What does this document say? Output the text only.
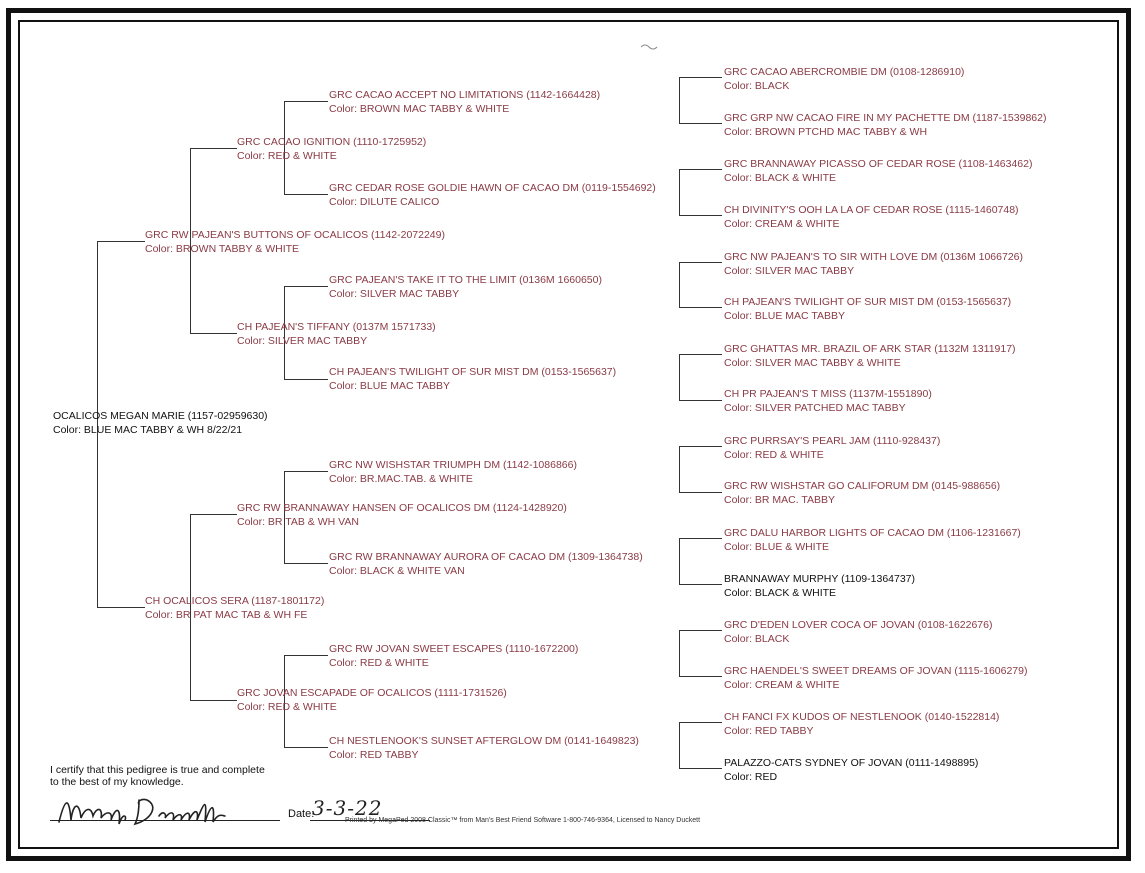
OCALICOS MEGAN MARIE (1157-02959630)
Color: BLUE MAC TABBY & WH 8/22/21
GRC RW PAJEAN'S BUTTONS OF OCALICOS (1142-2072249)
Color: BROWN TABBY & WHITE
CH OCALICOS SERA (1187-1801172)
Color: BR PAT MAC TAB & WH FE
GRC CACAO IGNITION (1110-1725952)
Color: RED & WHITE
CH PAJEAN'S TIFFANY (0137M 1571733)
Color: SILVER MAC TABBY
GRC RW BRANNAWAY HANSEN OF OCALICOS DM (1124-1428920)
Color: BR TAB & WH VAN
GRC JOVAN ESCAPADE OF OCALICOS (1111-1731526)
Color: RED & WHITE
GRC CACAO ACCEPT NO LIMITATIONS (1142-1664428)
Color: BROWN MAC TABBY & WHITE
GRC CEDAR ROSE GOLDIE HAWN OF CACAO DM (0119-1554692)
Color: DILUTE CALICO
GRC PAJEAN'S TAKE IT TO THE LIMIT (0136M 1660650)
Color: SILVER MAC TABBY
CH PAJEAN'S TWILIGHT OF SUR MIST DM (0153-1565637)
Color: BLUE MAC TABBY
GRC NW WISHSTAR TRIUMPH DM (1142-1086866)
Color: BR.MAC.TAB. & WHITE
GRC RW BRANNAWAY AURORA OF CACAO DM (1309-1364738)
Color: BLACK & WHITE VAN
GRC RW JOVAN SWEET ESCAPES (1110-1672200)
Color: RED & WHITE
CH NESTLENOOK'S SUNSET AFTERGLOW DM (0141-1649823)
Color: RED TABBY
GRC CACAO ABERCROMBIE DM (0108-1286910)
Color: BLACK
GRC GRP NW CACAO FIRE IN MY PACHETTE DM (1187-1539862)
Color: BROWN PTCHD MAC TABBY & WH
GRC BRANNAWAY PICASSO OF CEDAR ROSE (1108-1463462)
Color: BLACK & WHITE
CH DIVINITY'S OOH LA LA OF CEDAR ROSE (1115-1460748)
Color: CREAM & WHITE
GRC NW PAJEAN'S TO SIR WITH LOVE DM (0136M 1066726)
Color: SILVER MAC TABBY
CH PAJEAN'S TWILIGHT OF SUR MIST DM (0153-1565637)
Color: BLUE MAC TABBY
GRC GHATTAS MR. BRAZIL OF ARK STAR (1132M 1311917)
Color: SILVER MAC TABBY & WHITE
CH PR PAJEAN'S T MISS (1137M-1551890)
Color: SILVER PATCHED MAC TABBY
GRC PURRSAY'S PEARL JAM (1110-928437)
Color: RED & WHITE
GRC RW WISHSTAR GO CALIFORUM DM (0145-988656)
Color: BR MAC. TABBY
GRC DALU HARBOR LIGHTS OF CACAO DM (1106-1231667)
Color: BLUE & WHITE
BRANNAWAY MURPHY (1109-1364737)
Color: BLACK & WHITE
GRC D'EDEN LOVER COCA OF JOVAN (0108-1622676)
Color: BLACK
GRC HAENDEL'S SWEET DREAMS OF JOVAN (1115-1606279)
Color: CREAM & WHITE
CH FANCI FX KUDOS OF NESTLENOOK (0140-1522814)
Color: RED TABBY
PALAZZO-CATS SYDNEY OF JOVAN (0111-1498895)
Color: RED
I certify that this pedigree is true and complete
to the best of my knowledge.
Date:
3-3-22
Printed by MegaPed 2008 Classic™ from Man's Best Friend Software 1-800-746-9364, Licensed to Nancy Duckett
